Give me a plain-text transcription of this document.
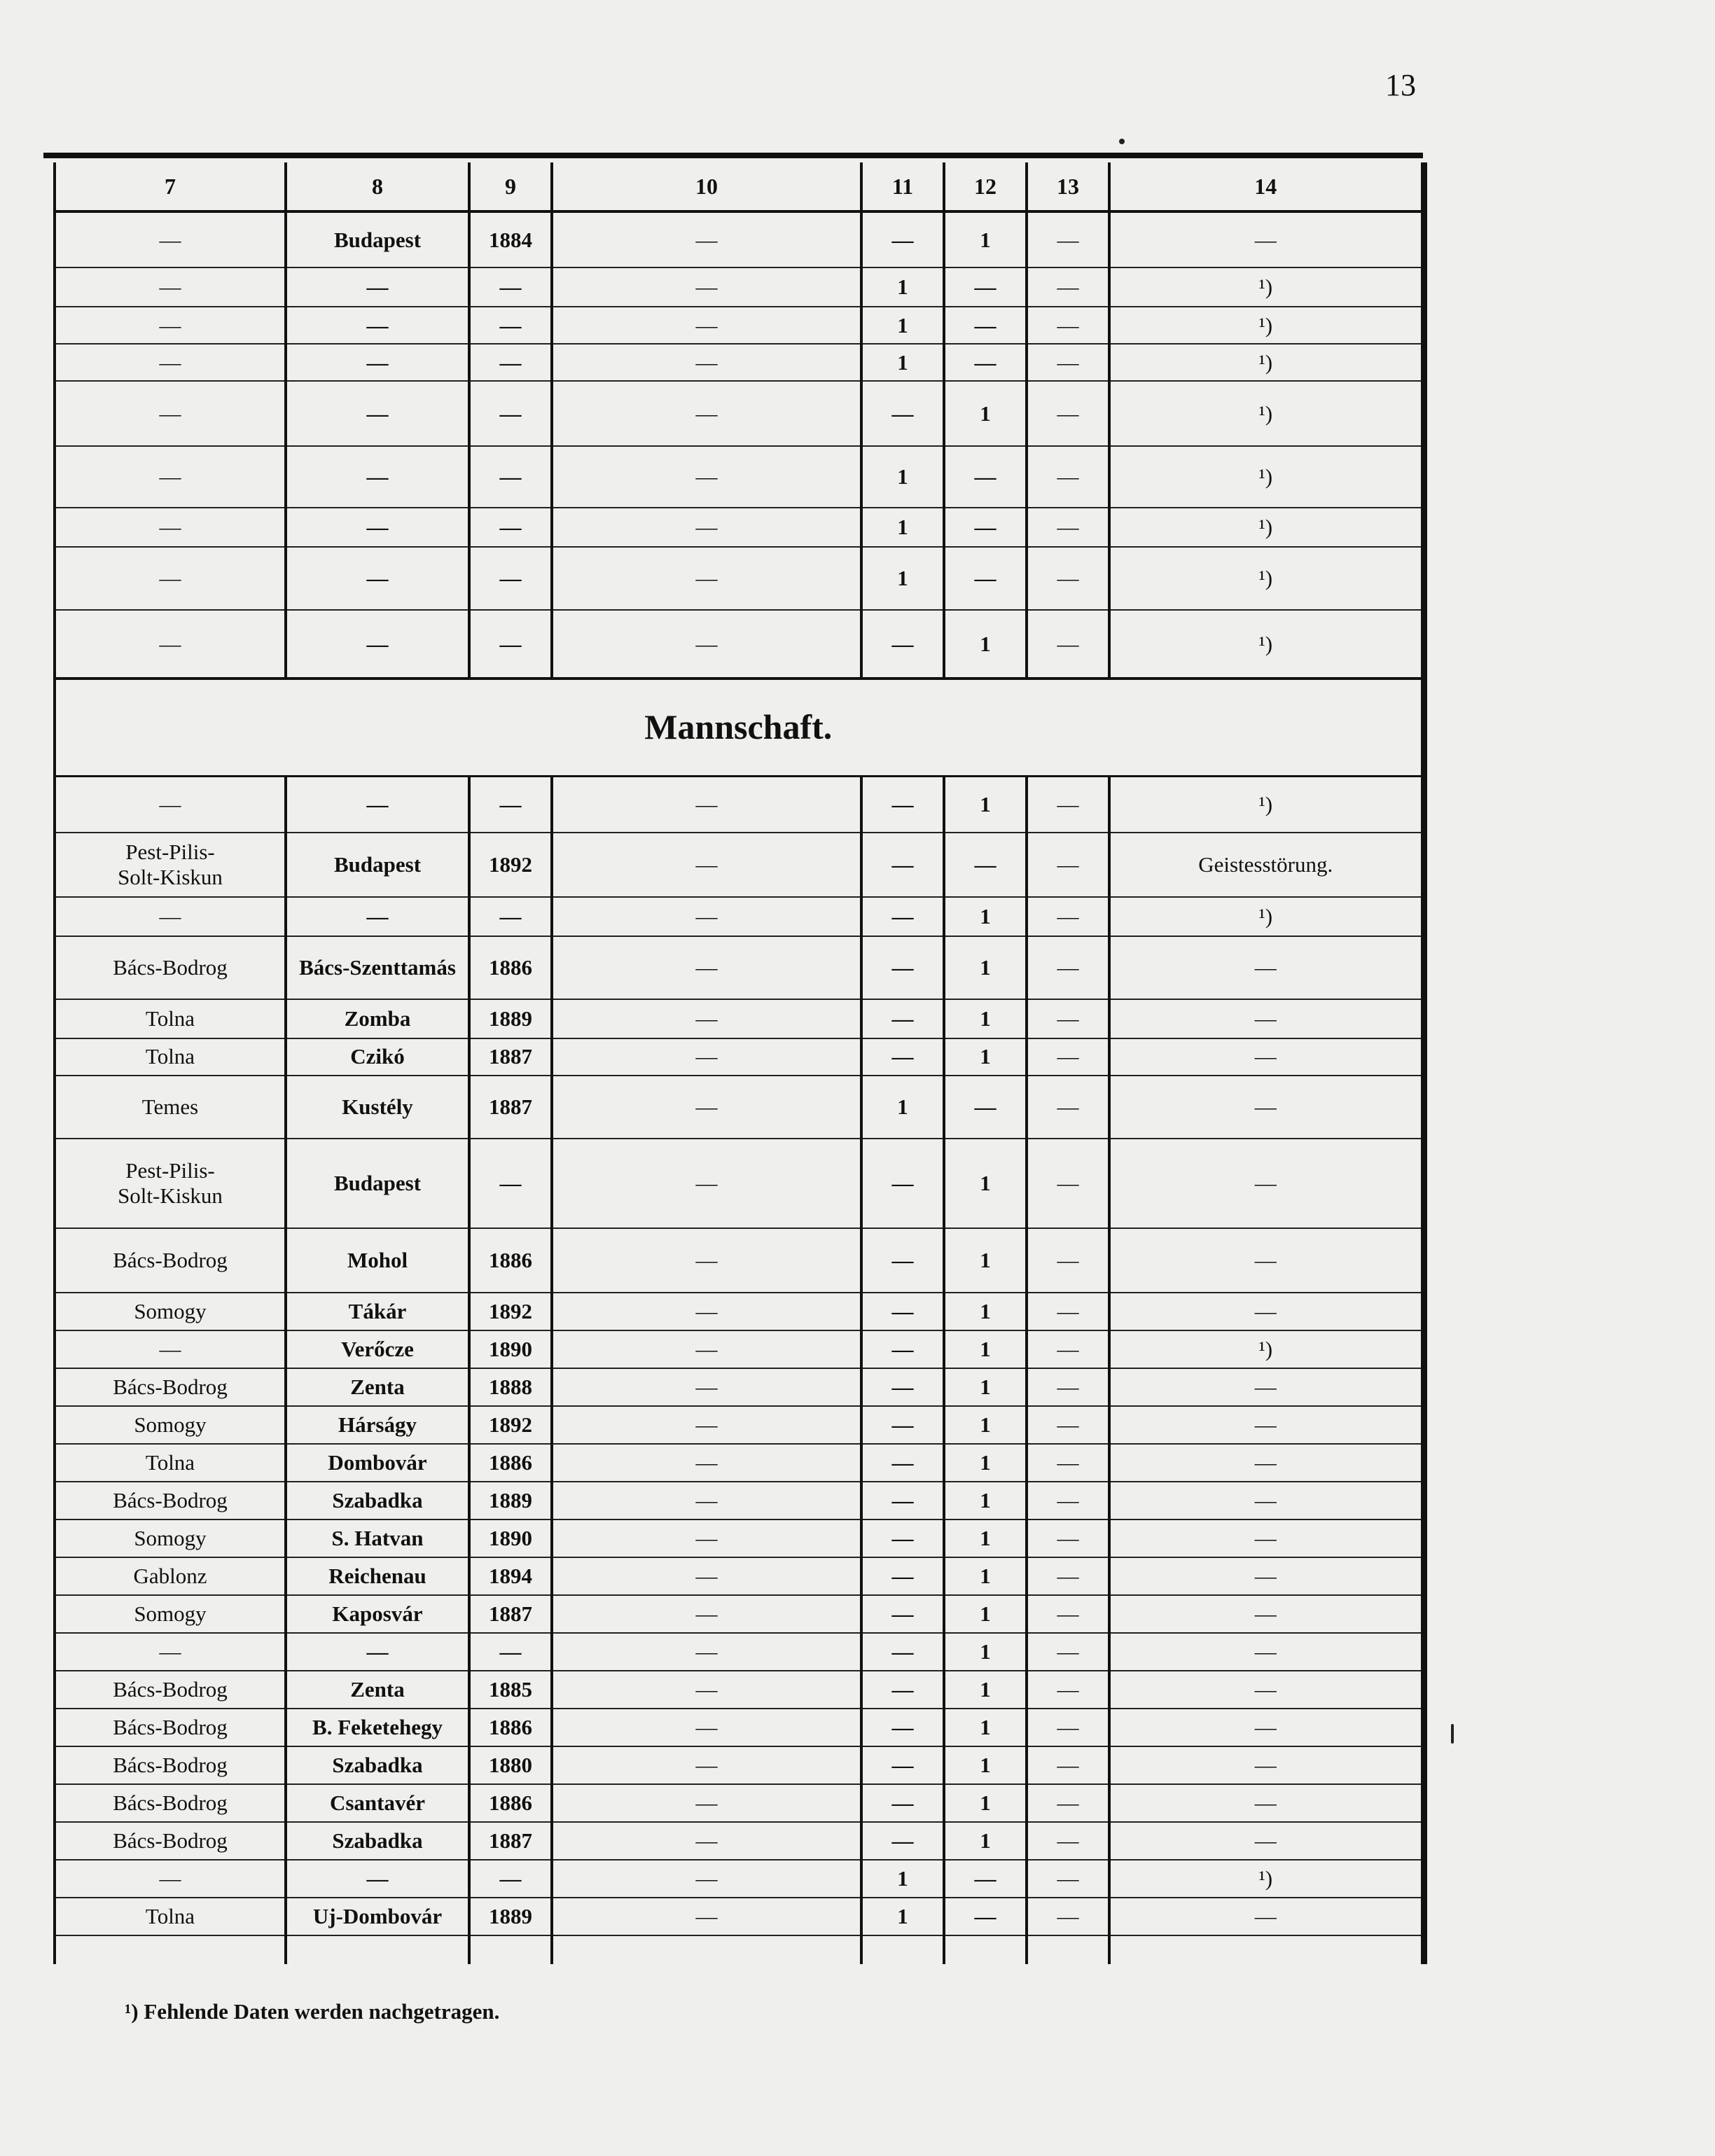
13
7	8	9	10	11	12	13	14
—	Budapest	1884	—	—	1	—	—
—	—	—	—	1	—	—	¹)
—	—	—	—	1	—	—	¹)
—	—	—	—	1	—	—	¹)
—	—	—	—	—	1	—	¹)
—	—	—	—	1	—	—	¹)
—	—	—	—	1	—	—	¹)
—	—	—	—	1	—	—	¹)
—	—	—	—	—	1	—	¹)
Mannschaft.							
—	—	—	—	—	1	—	¹)
Pest-Pilis-
Solt-Kiskun	Budapest	1892	—	—	—	—	Geistesstörung.
—	—	—	—	—	1	—	¹)
Bács-Bodrog	Bács-Szenttamás	1886	—	—	1	—	—
Tolna	Zomba	1889	—	—	1	—	—
Tolna	Czikó	1887	—	—	1	—	—
Temes	Kustély	1887	—	1	—	—	—
Pest-Pilis-
Solt-Kiskun	Budapest	—	—	—	1	—	—
Bács-Bodrog	Mohol	1886	—	—	1	—	—
Somogy	Tákár	1892	—	—	1	—	—
—	Verőcze	1890	—	—	1	—	¹)
Bács-Bodrog	Zenta	1888	—	—	1	—	—
Somogy	Hárságy	1892	—	—	1	—	—
Tolna	Dombovár	1886	—	—	1	—	—
Bács-Bodrog	Szabadka	1889	—	—	1	—	—
Somogy	S. Hatvan	1890	—	—	1	—	—
Gablonz	Reichenau	1894	—	—	1	—	—
Somogy	Kaposvár	1887	—	—	1	—	—
—	—	—	—	—	1	—	—
Bács-Bodrog	Zenta	1885	—	—	1	—	—
Bács-Bodrog	B. Feketehegy	1886	—	—	1	—	—
Bács-Bodrog	Szabadka	1880	—	—	1	—	—
Bács-Bodrog	Csantavér	1886	—	—	1	—	—
Bács-Bodrog	Szabadka	1887	—	—	1	—	—
—	—	—	—	1	—	—	¹)
Tolna	Uj-Dombovár	1889	—	1	—	—	—

¹) Fehlende Daten werden nachgetragen.
